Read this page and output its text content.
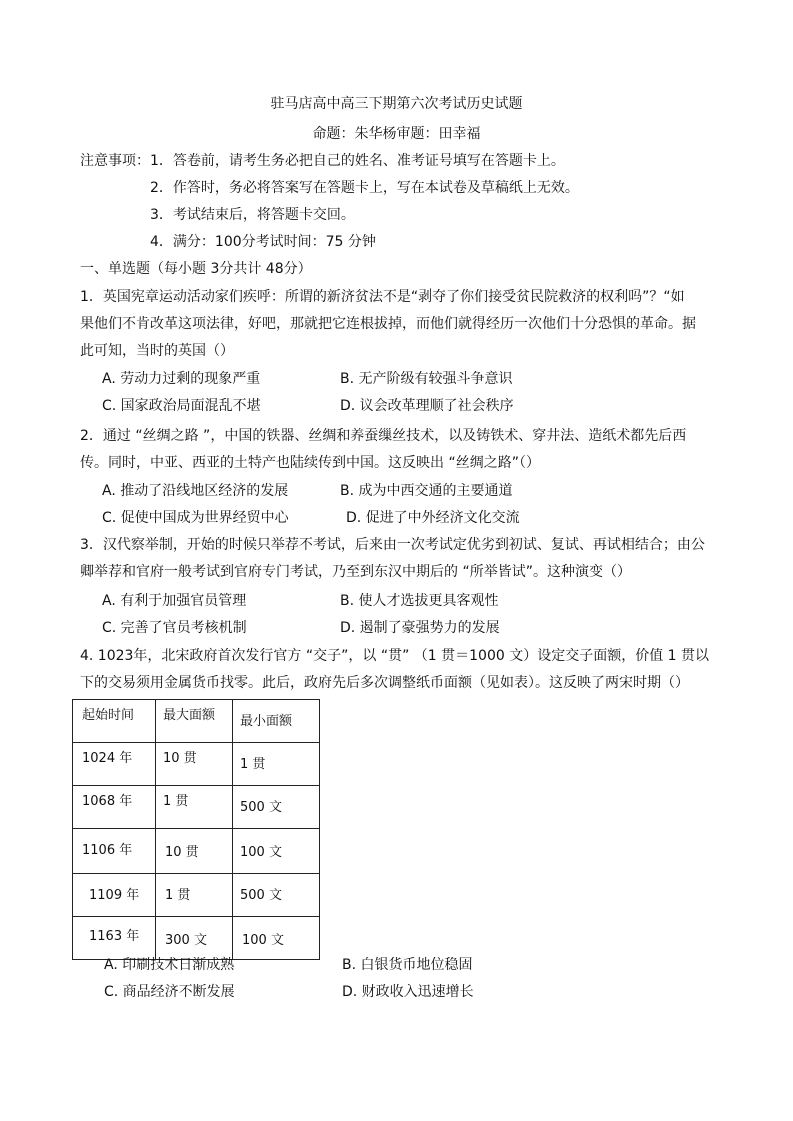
驻马店高中高三下期第六次考试历史试题
命题：朱华杨审题：田幸福
注意事项： 1．答卷前，请考生务必把自己的姓名、准考证号填写在答题卡上。
2．作答时，务必将答案写在答题卡上，写在本试卷及草稿纸上无效。
3．考试结束后，将答题卡交回。
4．满分：100分考试时间：75 分钟
一、单选题（每小题 3分共计 48分）
1．英国宪章运动活动家们疾呼：所谓的新济贫法不是“剥夺了你们接受贫民院救济的权利吗”？“如
果他们不肯改革这项法律，好吧，那就把它连根拔掉，而他们就得经历一次他们十分恐惧的革命。据
此可知，当时的英国（）
A. 劳动力过剩的现象严重	B. 无产阶级有较强斗争意识
C. 国家政治局面混乱不堪	D. 议会改革理顺了社会秩序
2．通过 “丝绸之路 ”，中国的铁器、丝绸和养蚕缫丝技术，以及铸铁术、穿井法、造纸术都先后西
传。同时，中亚、西亚的土特产也陆续传到中国。这反映出 “丝绸之路”（）
A. 推动了沿线地区经济的发展	B. 成为中西交通的主要通道
C. 促使中国成为世界经贸中心	D. 促进了中外经济文化交流
3．汉代察举制，开始的时候只举荐不考试，后来由一次考试定优劣到初试、复试、再试相结合；由公
卿举荐和官府一般考试到官府专门考试，乃至到东汉中期后的 “所举皆试”。这种演变（）
A. 有利于加强官员管理	B. 使人才选拔更具客观性
C. 完善了官员考核机制	D. 遏制了豪强势力的发展
4. 1023年，北宋政府首次发行官方 “交子”，以 “贯” （1 贯＝1000 文）设定交子面额，价值 1 贯以
下的交易须用金属货币找零。此后，政府先后多次调整纸币面额（见如表）。这反映了两宋时期（）
起始时间	最大面额	最小面额

1024 年	10 贯	1 贯

1068 年	1 贯	500 文

1106 年	10 贯	100 文

1109 年	1 贯	500 文

1163 年	300 文	100 文
A. 印刷技术日渐成熟	B. 白银货币地位稳固
C. 商品经济不断发展	D. 财政收入迅速增长
